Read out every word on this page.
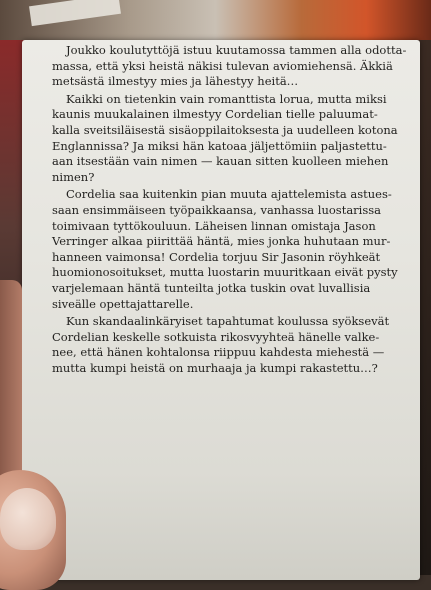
Joukko koulutyttöjä istuu kuutamossa tammen alla odotta-
massa, että yksi heistä näkisi tulevan aviomiehensä. Äkkiä
metsästä ilmestyy mies ja lähestyy heitä…
Kaikki on tietenkin vain romanttista lorua, mutta miksi
kaunis muukalainen ilmestyy Cordelian tielle paluumat-
kalla sveitsiläisestä sisäoppilaitoksesta ja uudelleen kotona
Englannissa? Ja miksi hän katoaa jäljettömiin paljastettu-
aan itsestään vain nimen — kauan sitten kuolleen miehen
nimen?
Cordelia saa kuitenkin pian muuta ajattelemista astues-
saan ensimmäiseen työpaikkaansa, vanhassa luostarissa
toimivaan tyttökouluun. Läheisen linnan omistaja Jason
Verringer alkaa piirittää häntä, mies jonka huhutaan mur-
hanneen vaimonsa! Cordelia torjuu Sir Jasonin röyhkeät
huomionosoitukset, mutta luostarin muuritkaan eivät pysty
varjelemaan häntä tunteilta jotka tuskin ovat luvallisia
siveälle opettajattarelle.
Kun skandaalinkäryiset tapahtumat koulussa syöksevät
Cordelian keskelle sotkuista rikosvyyhteä hänelle valke-
nee, että hänen kohtalonsa riippuu kahdesta miehestä —
mutta kumpi heistä on murhaaja ja kumpi rakastettu…?
